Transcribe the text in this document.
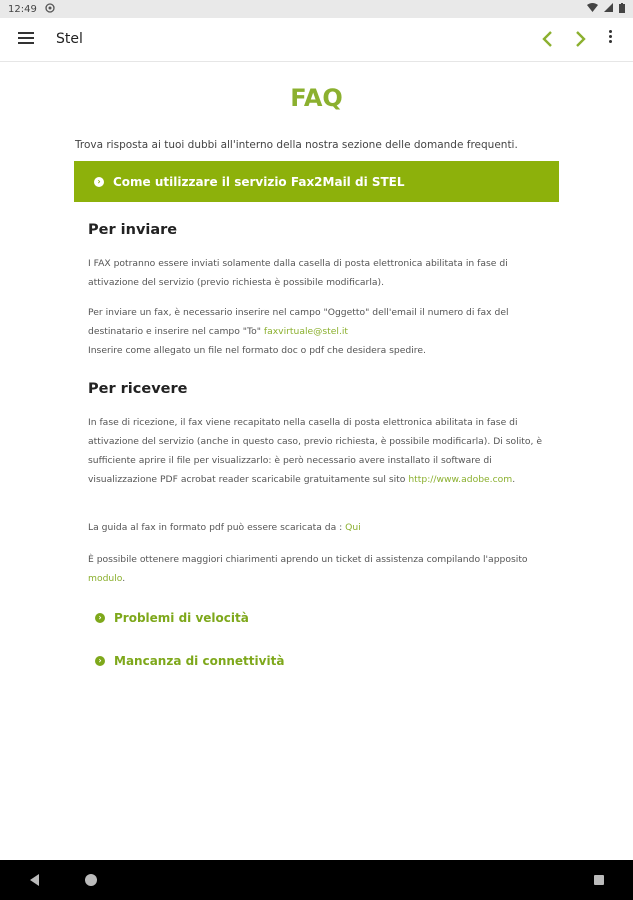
12:49
Stel
FAQ
Trova risposta ai tuoi dubbi all'interno della nostra sezione delle domande frequenti.
› Come utilizzare il servizio Fax2Mail di STEL
Per inviare

I FAX potranno essere inviati solamente dalla casella di posta elettronica abilitata in fase di attivazione del servizio (previo richiesta è possibile modificarla).

Per inviare un fax, è necessario inserire nel campo "Oggetto" dell'email il numero di fax del destinatario e inserire nel campo "To" faxvirtuale@stel.it
Inserire come allegato un file nel formato doc o pdf che desidera spedire.

Per ricevere

In fase di ricezione, il fax viene recapitato nella casella di posta elettronica abilitata in fase di attivazione del servizio (anche in questo caso, previo richiesta, è possibile modificarla). Di solito, è sufficiente aprire il file per visualizzarlo: è però necessario avere installato il software di visualizzazione PDF acrobat reader scaricabile gratuitamente sul sito http://www.adobe.com.

La guida al fax in formato pdf può essere scaricata da : Qui

È possibile ottenere maggiori chiarimenti aprendo un ticket di assistenza compilando l'apposito modulo.

› Problemi di velocità
› Mancanza di connettività
